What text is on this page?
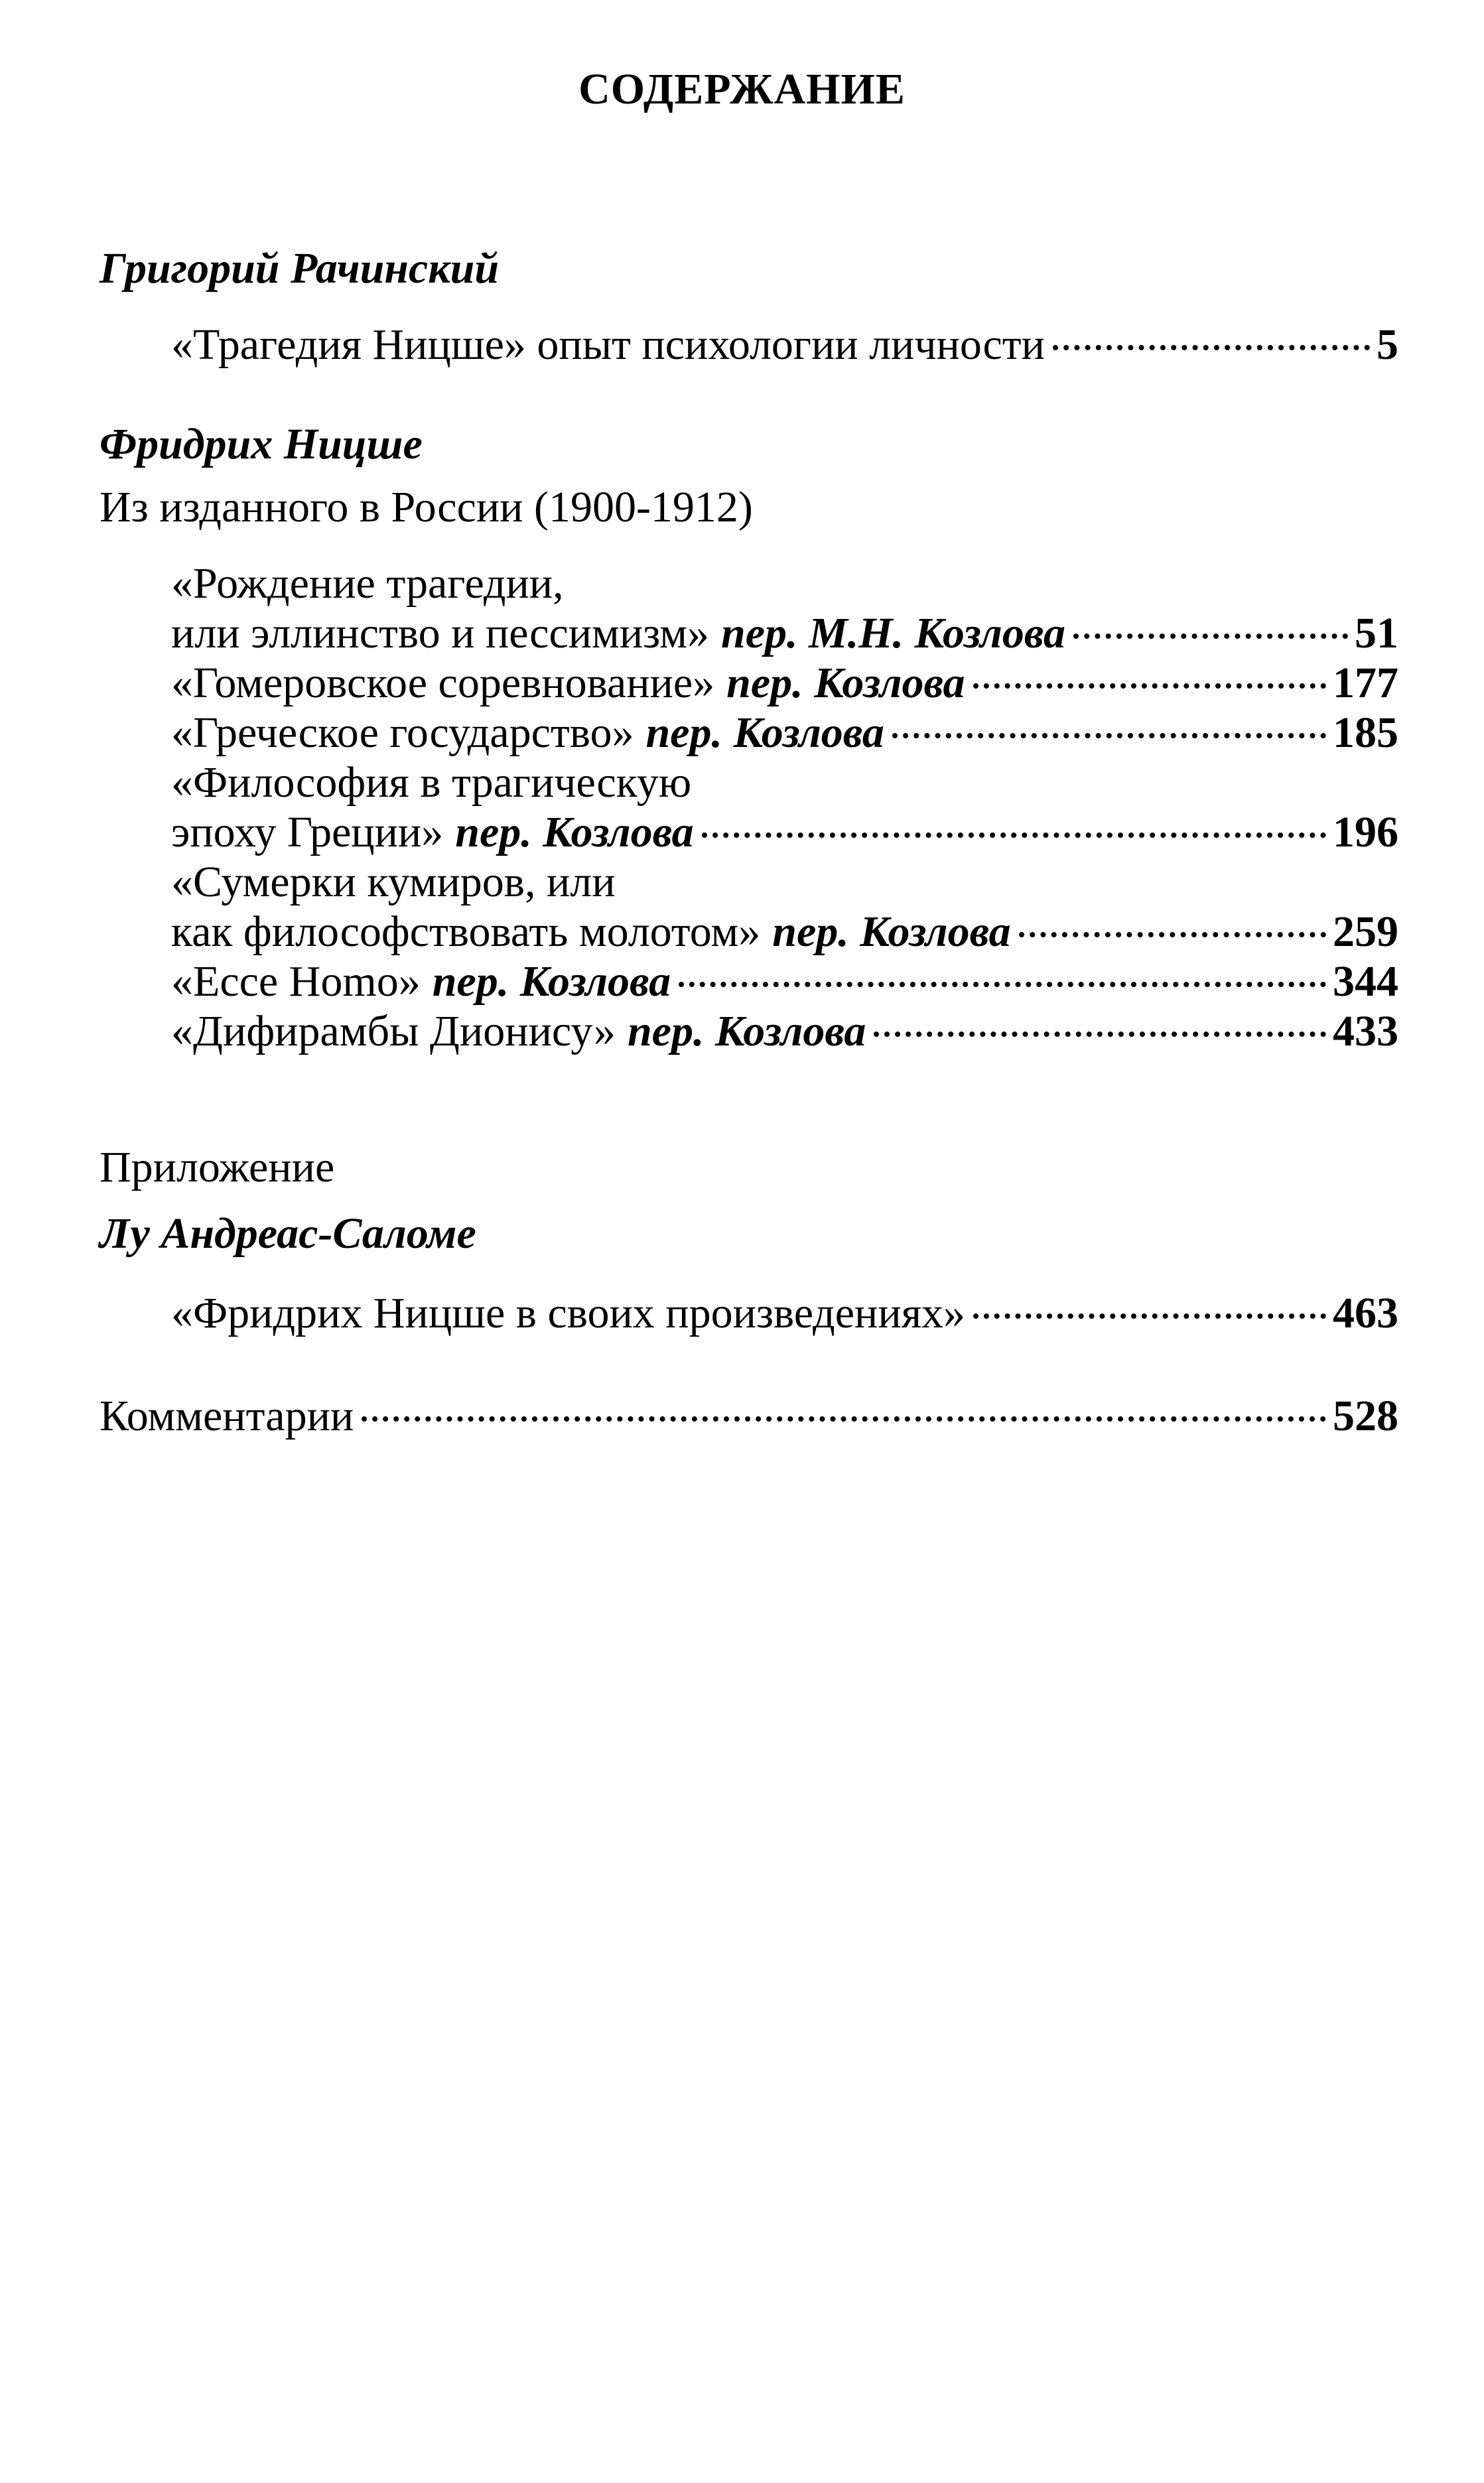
СОДЕРЖАНИЕ
Григорий Рачинский
«Трагедия Ницше» опыт психологии личности	5
Фридрих Ницше
Из изданного в России (1900-1912)
«Рождение трагедии,
или эллинство и пессимизм» пер. М.Н. Козлова	51
«Гомеровское соревнование» пер. Козлова	177
«Греческое государство» пер. Козлова	185
«Философия в трагическую
эпоху Греции» пер. Козлова	196
«Сумерки кумиров, или
как философствовать молотом» пер. Козлова	259
«Ecce Homo» пер. Козлова	344
«Дифирамбы Дионису» пер. Козлова	433
Приложение
Лу Андреас-Саломе
«Фридрих Ницше в своих произведениях»	463
Комментарии	528
